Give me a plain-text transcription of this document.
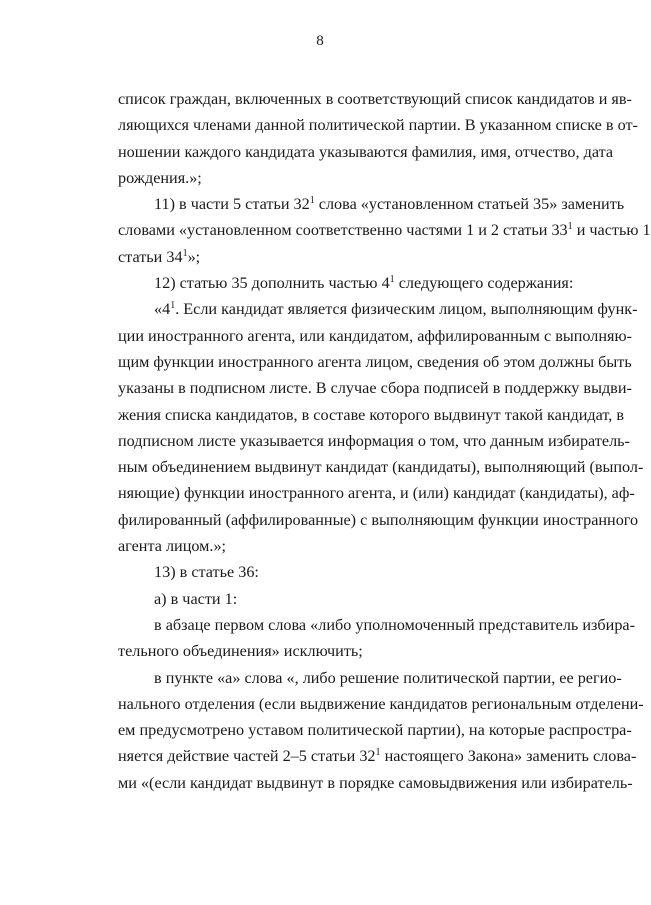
8
список граждан, включенных в соответствующий список кандидатов и яв-
ляющихся членами данной политической партии. В указанном списке в от-
ношении каждого кандидата указываются фамилия, имя, отчество, дата
рождения.»;
11) в части 5 статьи $32^1$ слова «установленном статьей 35» заменить
словами «установленном соответственно частями 1 и 2 статьи $33^1$ и частью 1
статьи $34^1$»;
12) статью 35 дополнить частью $4^1$ следующего содержания:
«$4^1$. Если кандидат является физическим лицом, выполняющим функ-
ции иностранного агента, или кандидатом, аффилированным с выполняю-
щим функции иностранного агента лицом, сведения об этом должны быть
указаны в подписном листе. В случае сбора подписей в поддержку выдви-
жения списка кандидатов, в составе которого выдвинут такой кандидат, в
подписном листе указывается информация о том, что данным избиратель-
ным объединением выдвинут кандидат (кандидаты), выполняющий (выпол-
няющие) функции иностранного агента, и (или) кандидат (кандидаты), аф-
филированный (аффилированные) с выполняющим функции иностранного
агента лицом.»;
13) в статье 36:
а) в части 1:
в абзаце первом слова «либо уполномоченный представитель избира-
тельного объединения» исключить;
в пункте «а» слова «, либо решение политической партии, ее регио-
нального отделения (если выдвижение кандидатов региональным отделени-
ем предусмотрено уставом политической партии), на которые распростра-
няется действие частей 2–5 статьи $32^1$ настоящего Закона» заменить слова-
ми «(если кандидат выдвинут в порядке самовыдвижения или избиратель-
